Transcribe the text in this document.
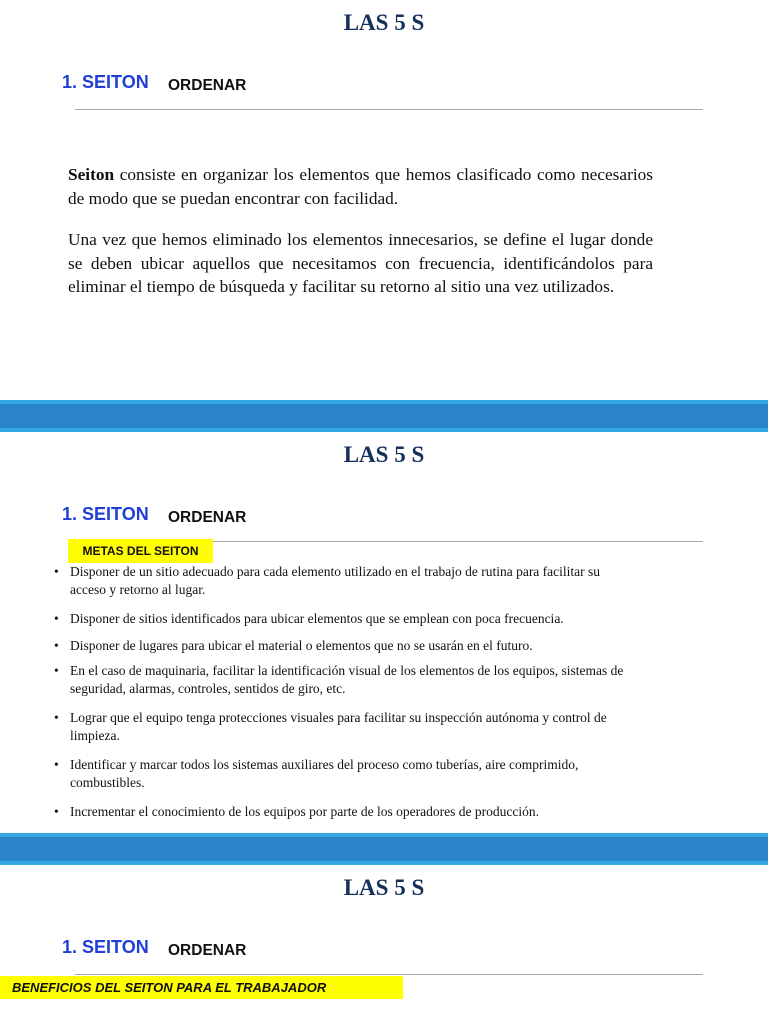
LAS 5 S
1. SEITON ORDENAR

Seiton consiste en organizar los elementos que hemos clasificado como necesarios de modo que se puedan encontrar con facilidad.

Una vez que hemos eliminado los elementos innecesarios, se define el lugar donde se deben ubicar aquellos que necesitamos con frecuencia, identificándolos para eliminar el tiempo de búsqueda y facilitar su retorno al sitio una vez utilizados.

LAS 5 S
1. SEITON ORDENAR
METAS DEL SEITON
• Disponer de un sitio adecuado para cada elemento utilizado en el trabajo de rutina para facilitar su acceso y retorno al lugar.
• Disponer de sitios identificados para ubicar elementos que se emplean con poca frecuencia.
• Disponer de lugares para ubicar el material o elementos que no se usarán en el futuro.
• En el caso de maquinaria, facilitar la identificación visual de los elementos de los equipos, sistemas de seguridad, alarmas, controles, sentidos de giro, etc.
• Lograr que el equipo tenga protecciones visuales para facilitar su inspección autónoma y control de limpieza.
• Identificar y marcar todos los sistemas auxiliares del proceso como tuberías, aire comprimido, combustibles.
• Incrementar el conocimiento de los equipos por parte de los operadores de producción.
LAS 5 S
1. SEITON ORDENAR
BENEFICIOS DEL SEITON PARA EL TRABAJADOR
